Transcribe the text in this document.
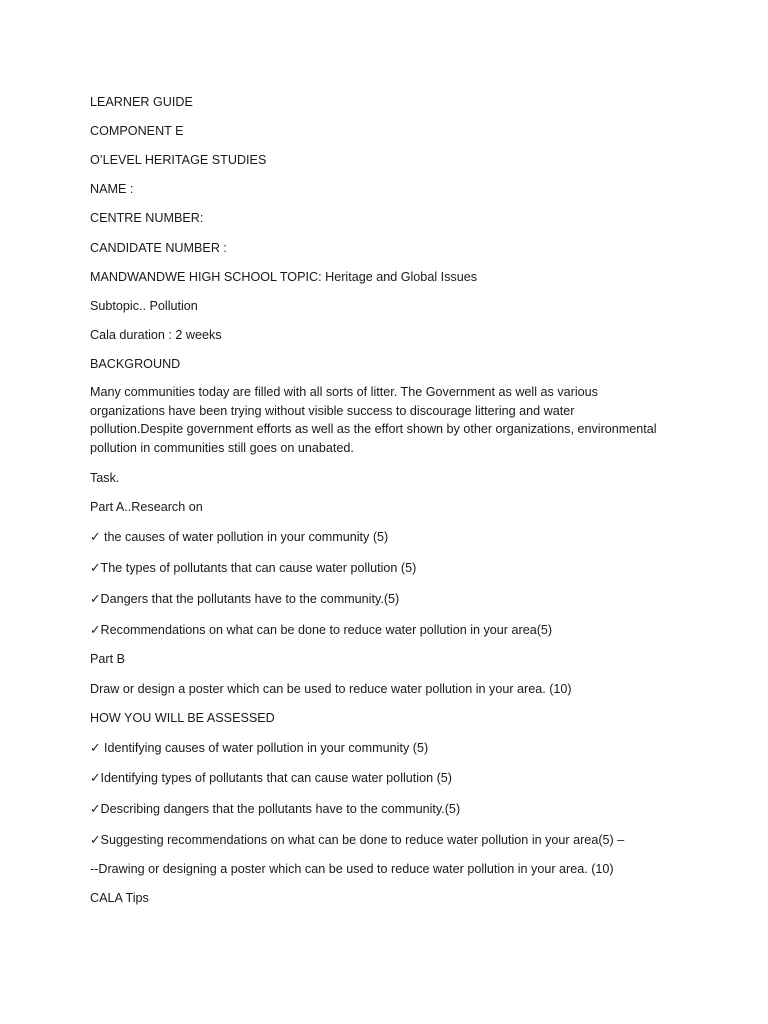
LEARNER GUIDE
COMPONENT E
O’LEVEL HERITAGE STUDIES
NAME :
CENTRE NUMBER:
CANDIDATE NUMBER :
MANDWANDWE HIGH SCHOOL TOPIC: Heritage and Global Issues
Subtopic.. Pollution
Cala duration : 2 weeks
BACKGROUND
Many communities today are filled with all sorts of litter. The Government as well as various
organizations have been trying without visible success to discourage littering and water
pollution.Despite government efforts as well as the effort shown by other organizations, environmental
pollution in communities still goes on unabated.
Task.
Part A..Research on
✓ the causes of water pollution in your community (5)
✓The types of pollutants that can cause water pollution (5)
✓Dangers that the pollutants have to the community.(5)
✓Recommendations on what can be done to reduce water pollution in your area(5)
Part B
Draw or design a poster which can be used to reduce water pollution in your area. (10)
HOW YOU WILL BE ASSESSED
✓ Identifying causes of water pollution in your community (5)
✓Identifying types of pollutants that can cause water pollution (5)
✓Describing dangers that the pollutants have to the community.(5)
✓Suggesting recommendations on what can be done to reduce water pollution in your area(5) –
--Drawing or designing a poster which can be used to reduce water pollution in your area. (10)
CALA Tips
